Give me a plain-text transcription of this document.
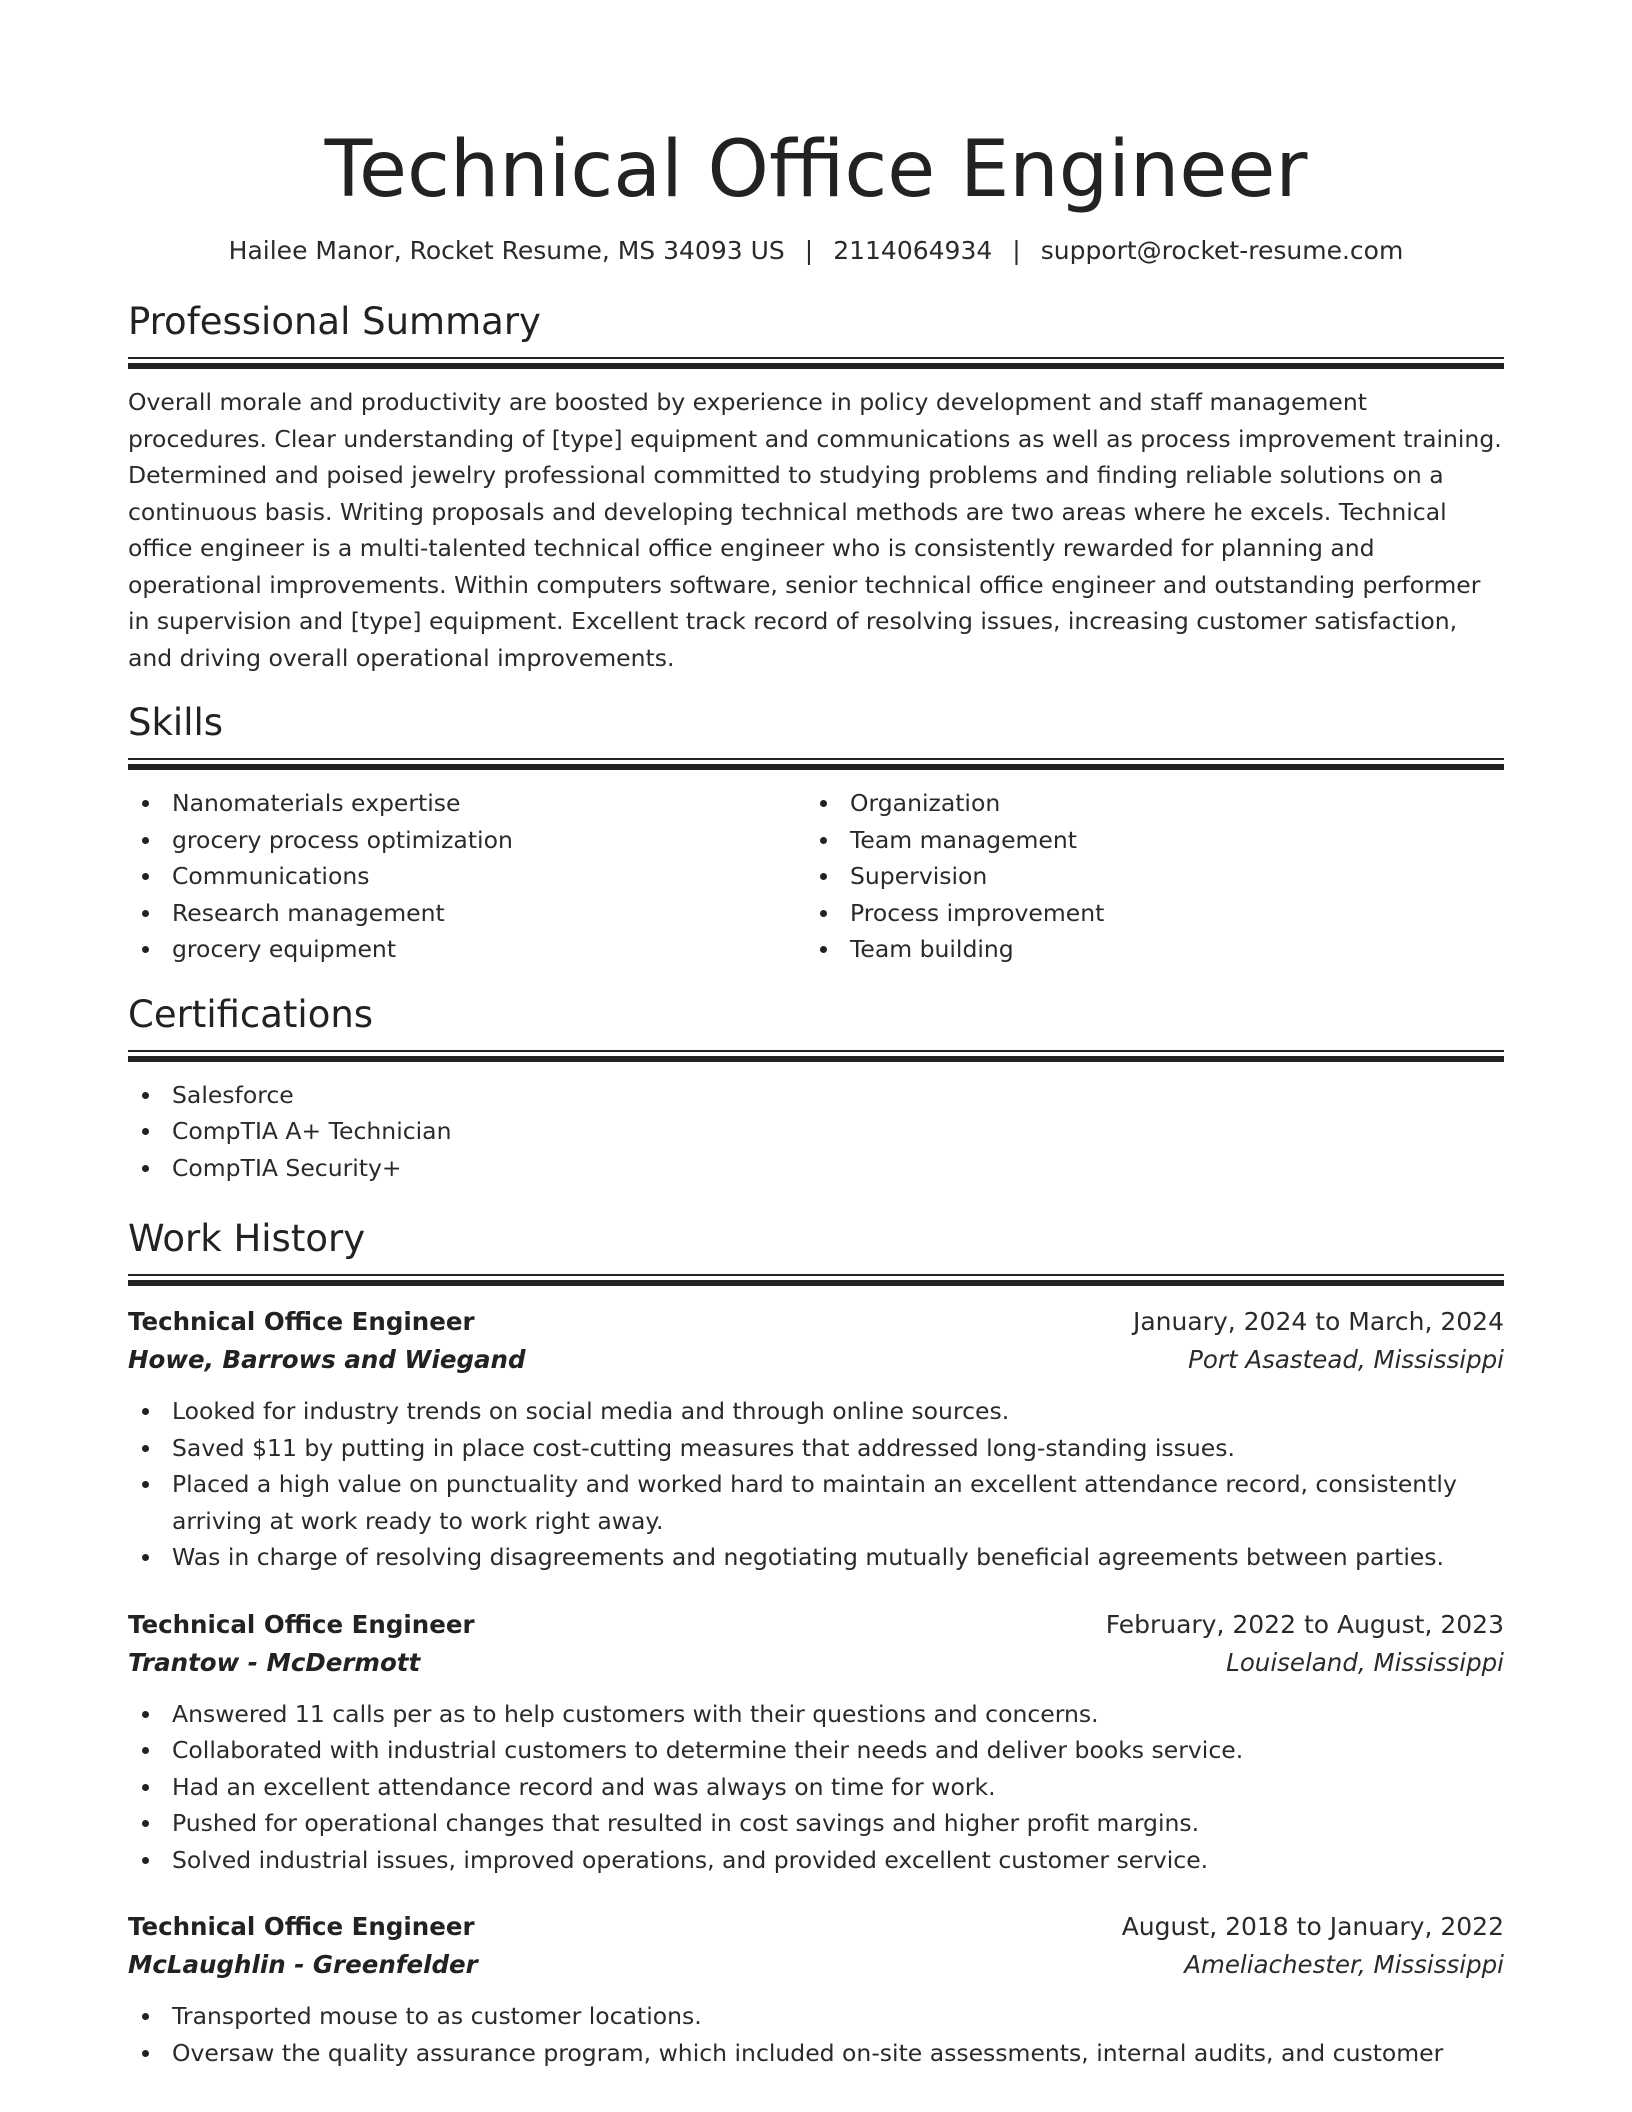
Technical Office Engineer
Hailee Manor, Rocket Resume, MS 34093 US | 2114064934 | support@rocket-resume.com
Professional Summary
Overall morale and productivity are boosted by experience in policy development and staff management procedures. Clear understanding of [type] equipment and communications as well as process improvement training. Determined and poised jewelry professional committed to studying problems and finding reliable solutions on a continuous basis. Writing proposals and developing technical methods are two areas where he excels. Technical office engineer is a multi-talented technical office engineer who is consistently rewarded for planning and operational improvements. Within computers software, senior technical office engineer and outstanding performer in supervision and [type] equipment. Excellent track record of resolving issues, increasing customer satisfaction, and driving overall operational improvements.
Skills
Nanomaterials expertise
grocery process optimization
Communications
Research management
grocery equipment
Organization
Team management
Supervision
Process improvement
Team building
Certifications
Salesforce
CompTIA A+ Technician
CompTIA Security+
Work History
Technical Office Engineer	January, 2024 to March, 2024
Howe, Barrows and Wiegand	Port Asastead, Mississippi
Looked for industry trends on social media and through online sources.
Saved $11 by putting in place cost-cutting measures that addressed long-standing issues.
Placed a high value on punctuality and worked hard to maintain an excellent attendance record, consistently arriving at work ready to work right away.
Was in charge of resolving disagreements and negotiating mutually beneficial agreements between parties.
Technical Office Engineer	February, 2022 to August, 2023
Trantow - McDermott	Louiseland, Mississippi
Answered 11 calls per as to help customers with their questions and concerns.
Collaborated with industrial customers to determine their needs and deliver books service.
Had an excellent attendance record and was always on time for work.
Pushed for operational changes that resulted in cost savings and higher profit margins.
Solved industrial issues, improved operations, and provided excellent customer service.
Technical Office Engineer	August, 2018 to January, 2022
McLaughlin - Greenfelder	Ameliachester, Mississippi
Transported mouse to as customer locations.
Oversaw the quality assurance program, which included on-site assessments, internal audits, and customer
